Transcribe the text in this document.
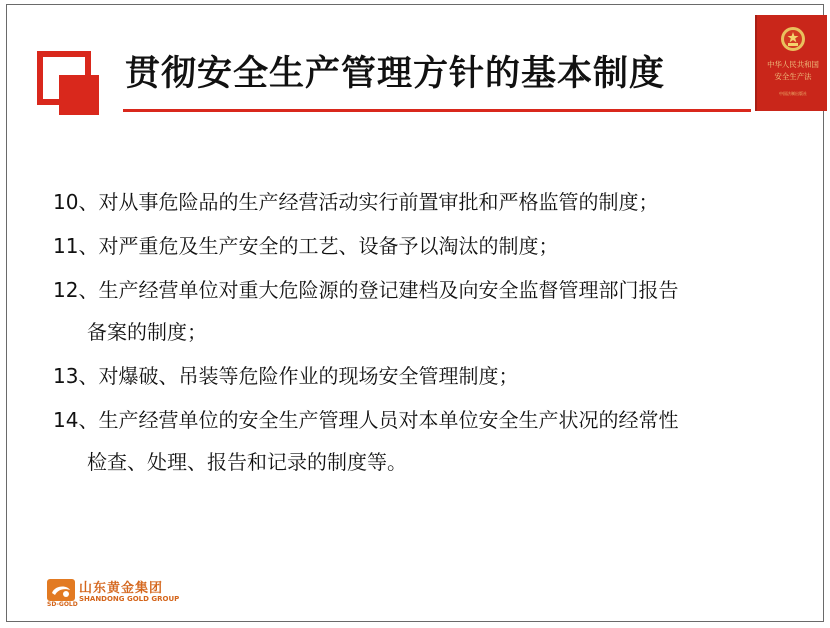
贯彻安全生产管理方针的基本制度	中华人民共和国
安全生产法
中国法制出版社
10、对从事危险品的生产经营活动实行前置审批和严格监管的制度；
11、对严重危及生产安全的工艺、设备予以淘汰的制度；
12、生产经营单位对重大危险源的登记建档及向安全监督管理部门报告
备案的制度；
13、对爆破、吊装等危险作业的现场安全管理制度；
14、生产经营单位的安全生产管理人员对本单位安全生产状况的经常性
检查、处理、报告和记录的制度等。
山东黄金集团
SHANDONG GOLD GROUP
SD-GOLD
